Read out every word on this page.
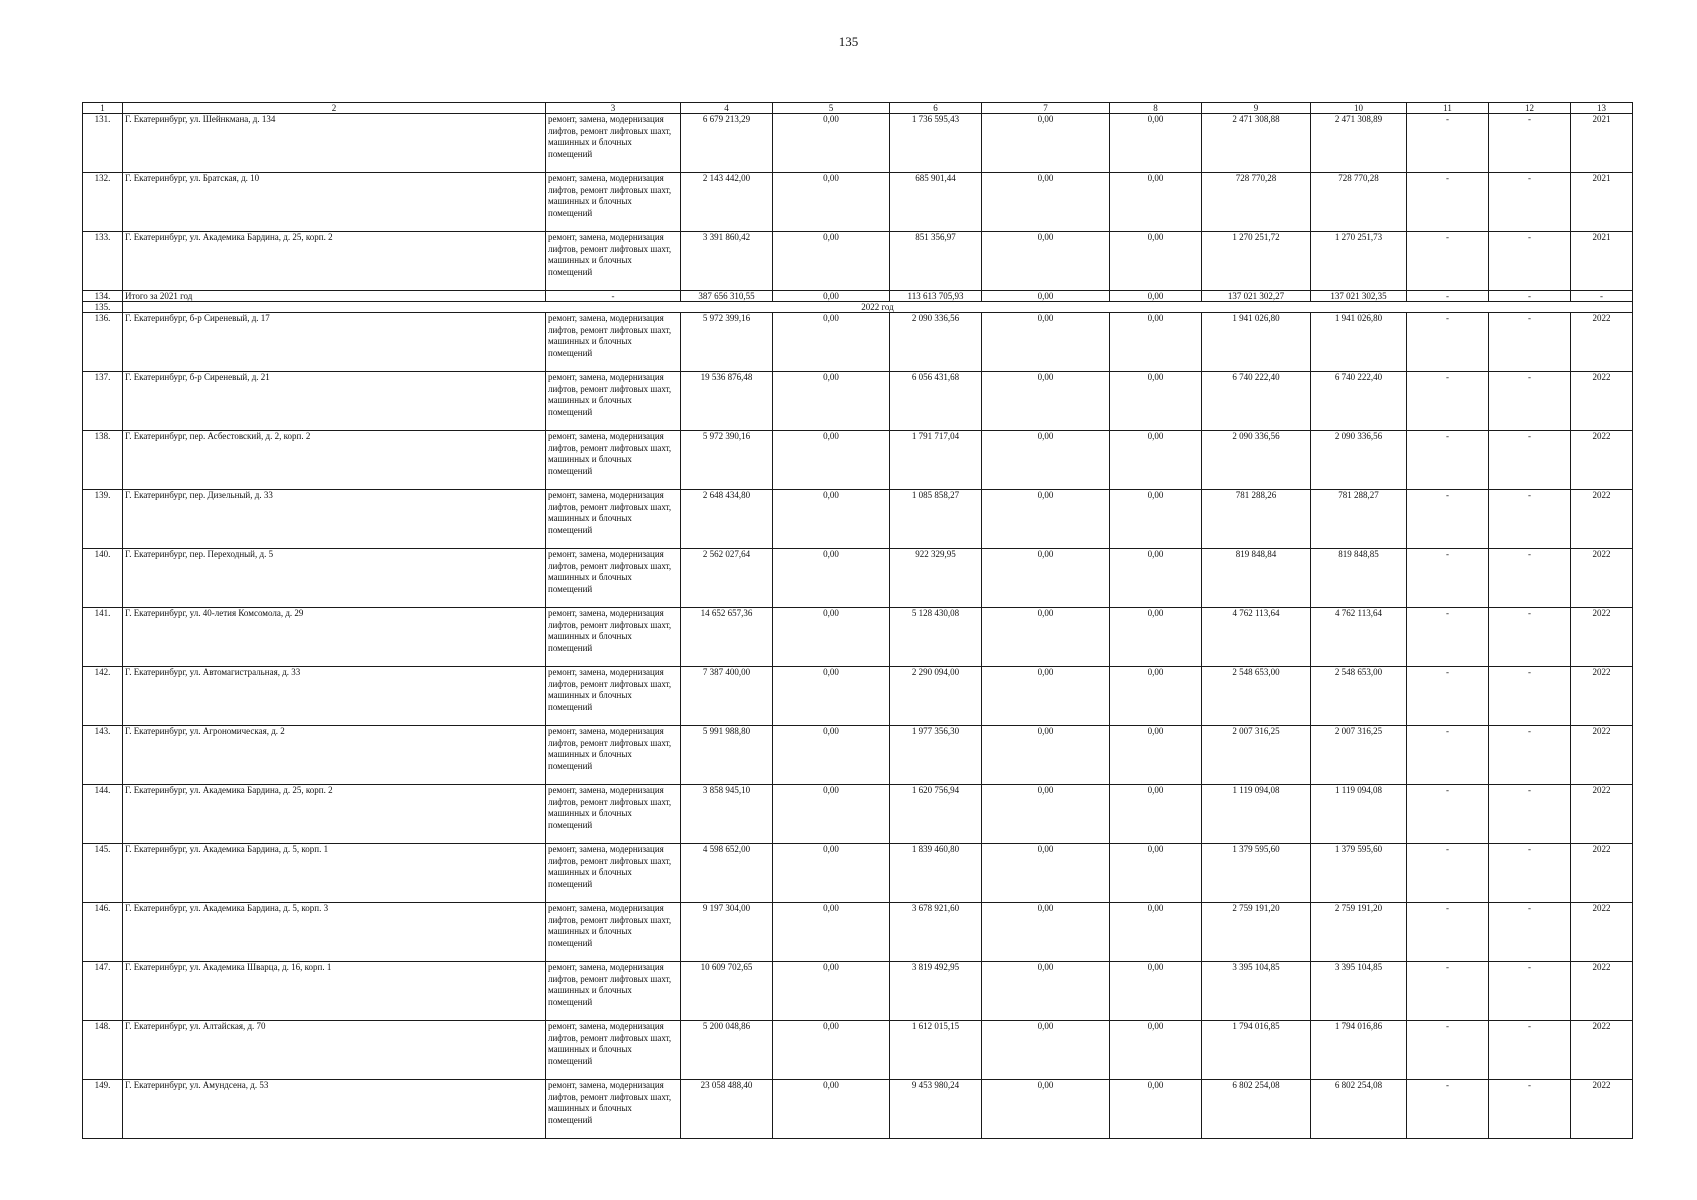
135
1	2	3	4	5	6	7	8	9	10	11	12	13
131.	Г. Екатеринбург, ул. Шейнкмана, д. 134	ремонт, замена, модернизация лифтов, ремонт лифтовых шахт, машинных и блочных помещений	6 679 213,29	0,00	1 736 595,43	0,00	0,00	2 471 308,88	2 471 308,89	-	-	2021
132.	Г. Екатеринбург, ул. Братская, д. 10	ремонт, замена, модернизация лифтов, ремонт лифтовых шахт, машинных и блочных помещений	2 143 442,00	0,00	685 901,44	0,00	0,00	728 770,28	728 770,28	-	-	2021
133.	Г. Екатеринбург, ул. Академика Бардина, д. 25, корп. 2	ремонт, замена, модернизация лифтов, ремонт лифтовых шахт, машинных и блочных помещений	3 391 860,42	0,00	851 356,97	0,00	0,00	1 270 251,72	1 270 251,73	-	-	2021
134.	Итого за 2021 год	-	387 656 310,55	0,00	113 613 705,93	0,00	0,00	137 021 302,27	137 021 302,35	-	-	-
135.	2022 год											
136.	Г. Екатеринбург, б-р Сиреневый, д. 17	ремонт, замена, модернизация лифтов, ремонт лифтовых шахт, машинных и блочных помещений	5 972 399,16	0,00	2 090 336,56	0,00	0,00	1 941 026,80	1 941 026,80	-	-	2022
137.	Г. Екатеринбург, б-р Сиреневый, д. 21	ремонт, замена, модернизация лифтов, ремонт лифтовых шахт, машинных и блочных помещений	19 536 876,48	0,00	6 056 431,68	0,00	0,00	6 740 222,40	6 740 222,40	-	-	2022
138.	Г. Екатеринбург, пер. Асбестовский, д. 2, корп. 2	ремонт, замена, модернизация лифтов, ремонт лифтовых шахт, машинных и блочных помещений	5 972 390,16	0,00	1 791 717,04	0,00	0,00	2 090 336,56	2 090 336,56	-	-	2022
139.	Г. Екатеринбург, пер. Дизельный, д. 33	ремонт, замена, модернизация лифтов, ремонт лифтовых шахт, машинных и блочных помещений	2 648 434,80	0,00	1 085 858,27	0,00	0,00	781 288,26	781 288,27	-	-	2022
140.	Г. Екатеринбург, пер. Переходный, д. 5	ремонт, замена, модернизация лифтов, ремонт лифтовых шахт, машинных и блочных помещений	2 562 027,64	0,00	922 329,95	0,00	0,00	819 848,84	819 848,85	-	-	2022
141.	Г. Екатеринбург, ул. 40-летия Комсомола, д. 29	ремонт, замена, модернизация лифтов, ремонт лифтовых шахт, машинных и блочных помещений	14 652 657,36	0,00	5 128 430,08	0,00	0,00	4 762 113,64	4 762 113,64	-	-	2022
142.	Г. Екатеринбург, ул. Автомагистральная, д. 33	ремонт, замена, модернизация лифтов, ремонт лифтовых шахт, машинных и блочных помещений	7 387 400,00	0,00	2 290 094,00	0,00	0,00	2 548 653,00	2 548 653,00	-	-	2022
143.	Г. Екатеринбург, ул. Агрономическая, д. 2	ремонт, замена, модернизация лифтов, ремонт лифтовых шахт, машинных и блочных помещений	5 991 988,80	0,00	1 977 356,30	0,00	0,00	2 007 316,25	2 007 316,25	-	-	2022
144.	Г. Екатеринбург, ул. Академика Бардина, д. 25, корп. 2	ремонт, замена, модернизация лифтов, ремонт лифтовых шахт, машинных и блочных помещений	3 858 945,10	0,00	1 620 756,94	0,00	0,00	1 119 094,08	1 119 094,08	-	-	2022
145.	Г. Екатеринбург, ул. Академика Бардина, д. 5, корп. 1	ремонт, замена, модернизация лифтов, ремонт лифтовых шахт, машинных и блочных помещений	4 598 652,00	0,00	1 839 460,80	0,00	0,00	1 379 595,60	1 379 595,60	-	-	2022
146.	Г. Екатеринбург, ул. Академика Бардина, д. 5, корп. 3	ремонт, замена, модернизация лифтов, ремонт лифтовых шахт, машинных и блочных помещений	9 197 304,00	0,00	3 678 921,60	0,00	0,00	2 759 191,20	2 759 191,20	-	-	2022
147.	Г. Екатеринбург, ул. Академика Шварца, д. 16, корп. 1	ремонт, замена, модернизация лифтов, ремонт лифтовых шахт, машинных и блочных помещений	10 609 702,65	0,00	3 819 492,95	0,00	0,00	3 395 104,85	3 395 104,85	-	-	2022
148.	Г. Екатеринбург, ул. Алтайская, д. 70	ремонт, замена, модернизация лифтов, ремонт лифтовых шахт, машинных и блочных помещений	5 200 048,86	0,00	1 612 015,15	0,00	0,00	1 794 016,85	1 794 016,86	-	-	2022
149.	Г. Екатеринбург, ул. Амундсена, д. 53	ремонт, замена, модернизация лифтов, ремонт лифтовых шахт, машинных и блочных помещений	23 058 488,40	0,00	9 453 980,24	0,00	0,00	6 802 254,08	6 802 254,08	-	-	2022
